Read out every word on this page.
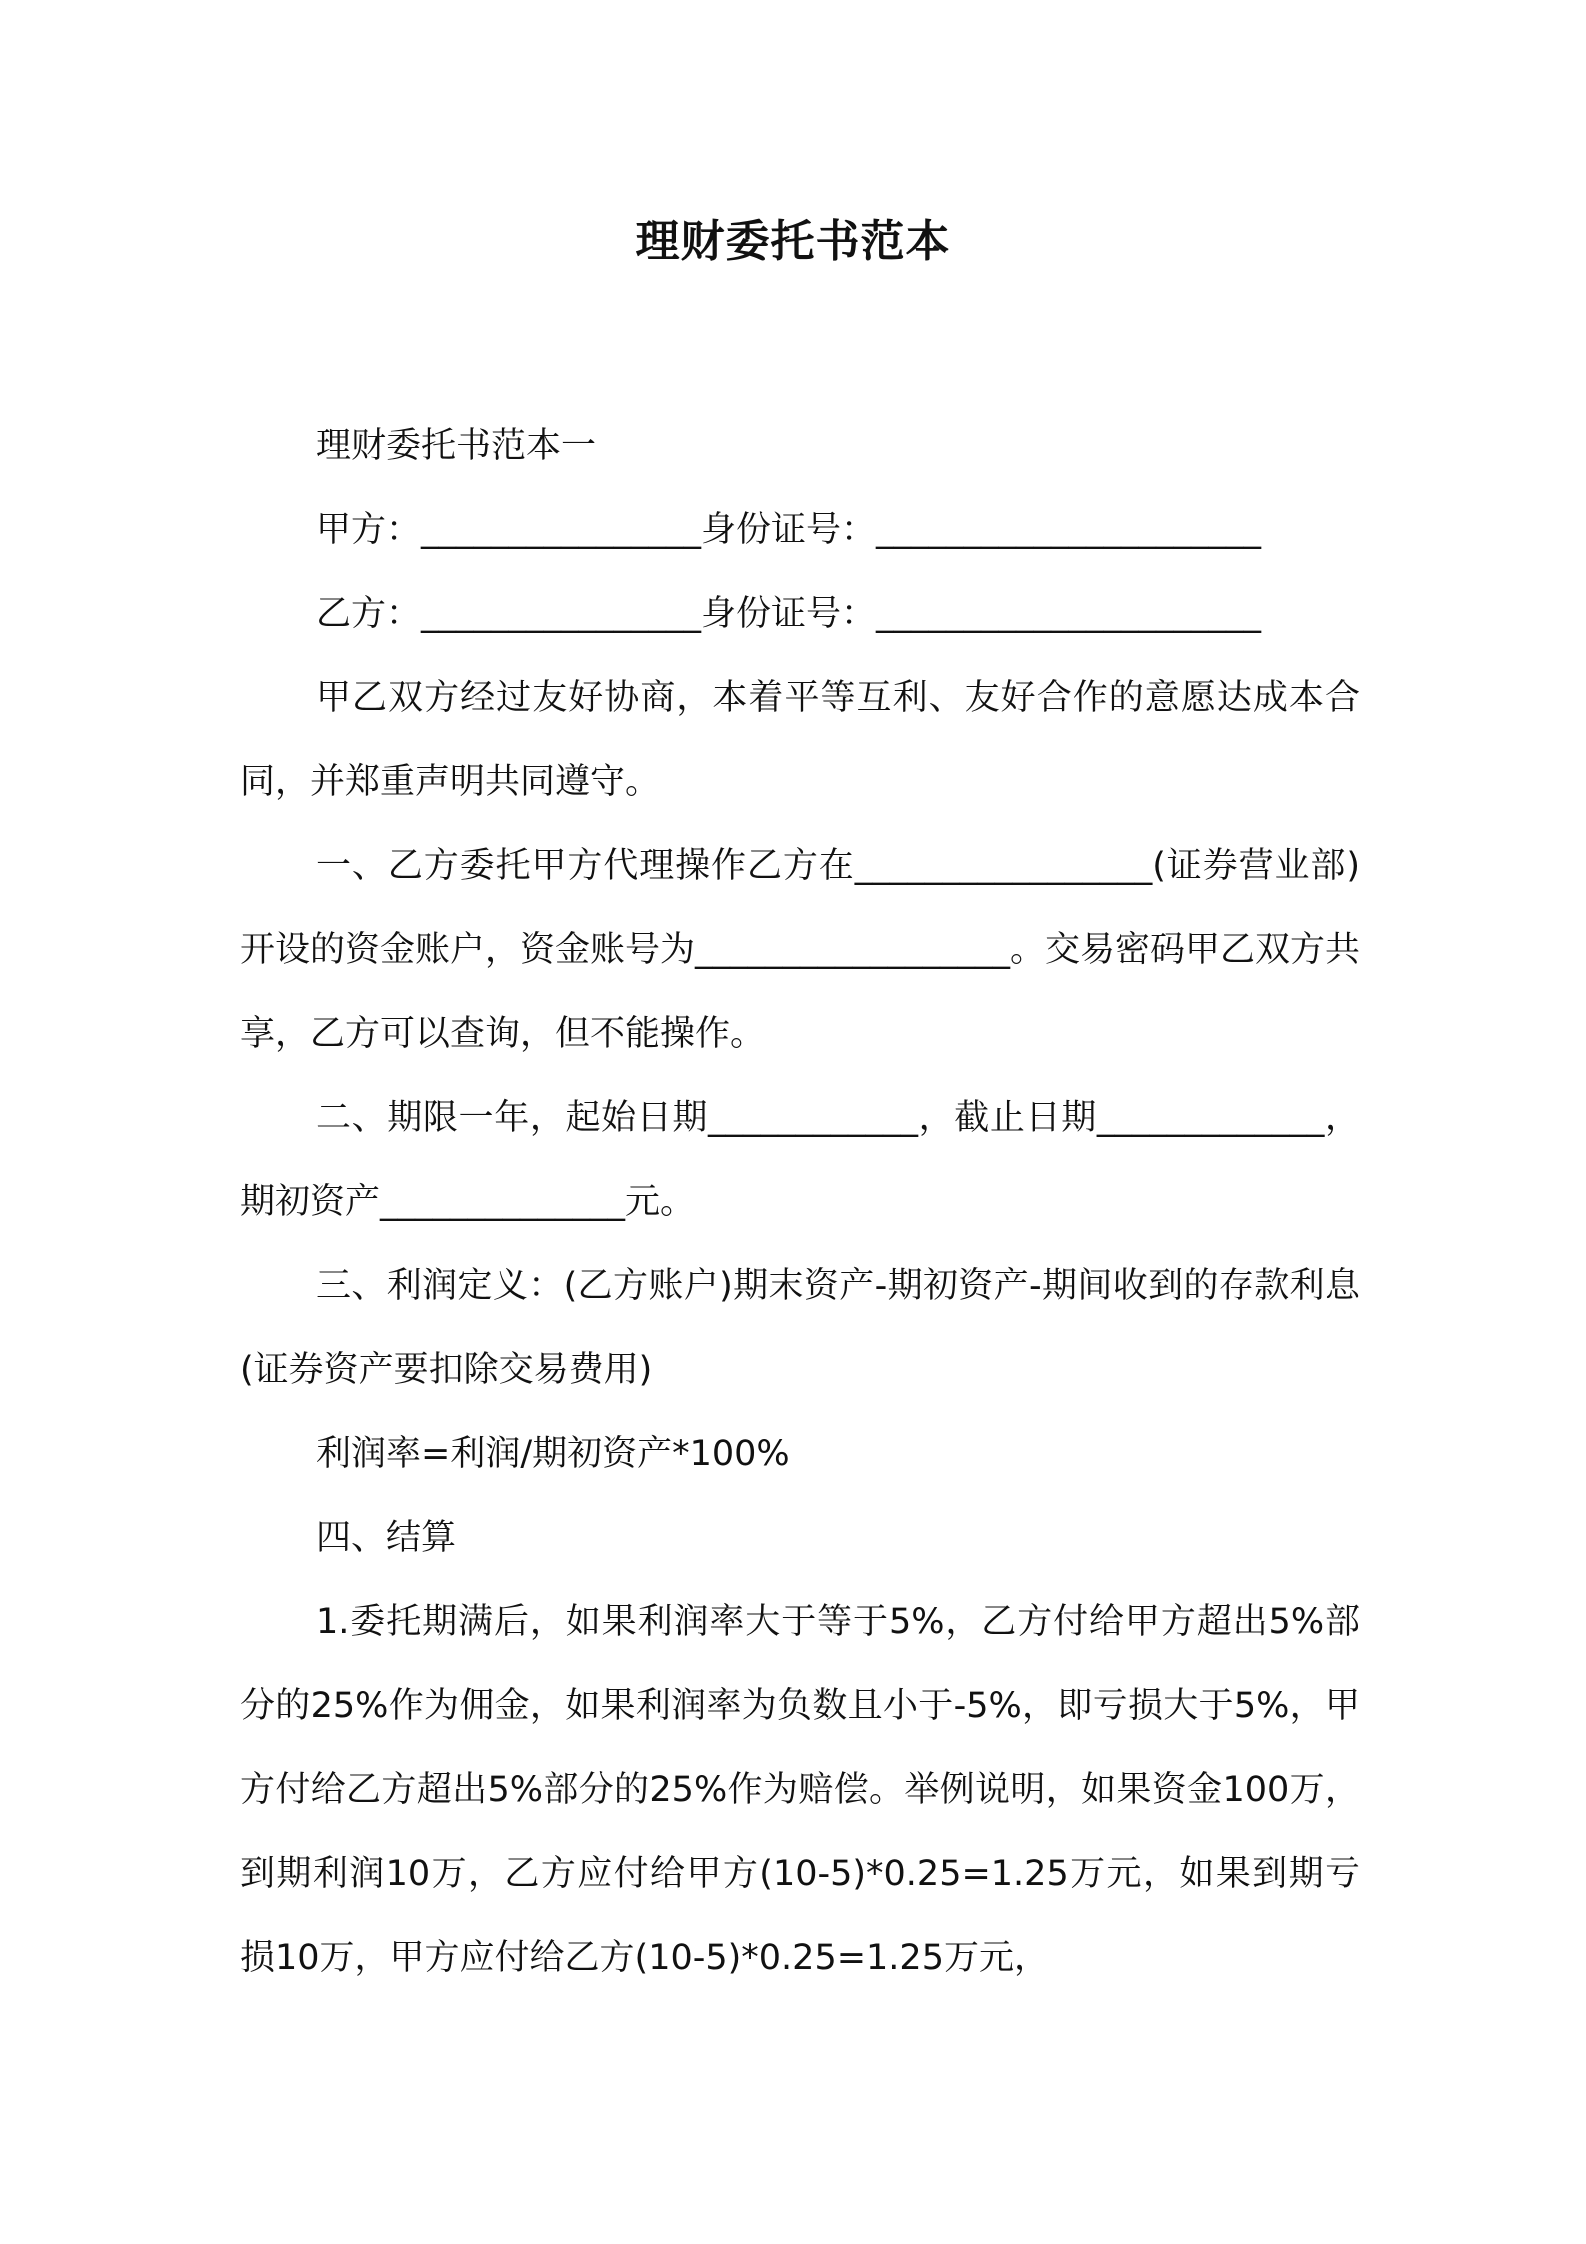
理财委托书范本

理财委托书范本一

甲方：________________身份证号：______________________

乙方：________________身份证号：______________________

甲乙双方经过友好协商，本着平等互利、友好合作的意愿达成本合同，并郑重声明共同遵守。

一、乙方委托甲方代理操作乙方在_________________(证券营业部)开设的资金账户，资金账号为__________________。交易密码甲乙双方共享，乙方可以查询，但不能操作。

二、期限一年，起始日期____________，截止日期_____________，期初资产______________元。

三、利润定义：(乙方账户)期末资产-期初资产-期间收到的存款利息(证券资产要扣除交易费用)

利润率=利润/期初资产*100%

四、结算

1.委托期满后，如果利润率大于等于5%，乙方付给甲方超出5%部分的25%作为佣金，如果利润率为负数且小于-5%，即亏损大于5%，甲方付给乙方超出5%部分的25%作为赔偿。举例说明，如果资金100万，到期利润10万，乙方应付给甲方(10-5)*0.25=1.25万元，如果到期亏损10万，甲方应付给乙方(10-5)*0.25=1.25万元，
